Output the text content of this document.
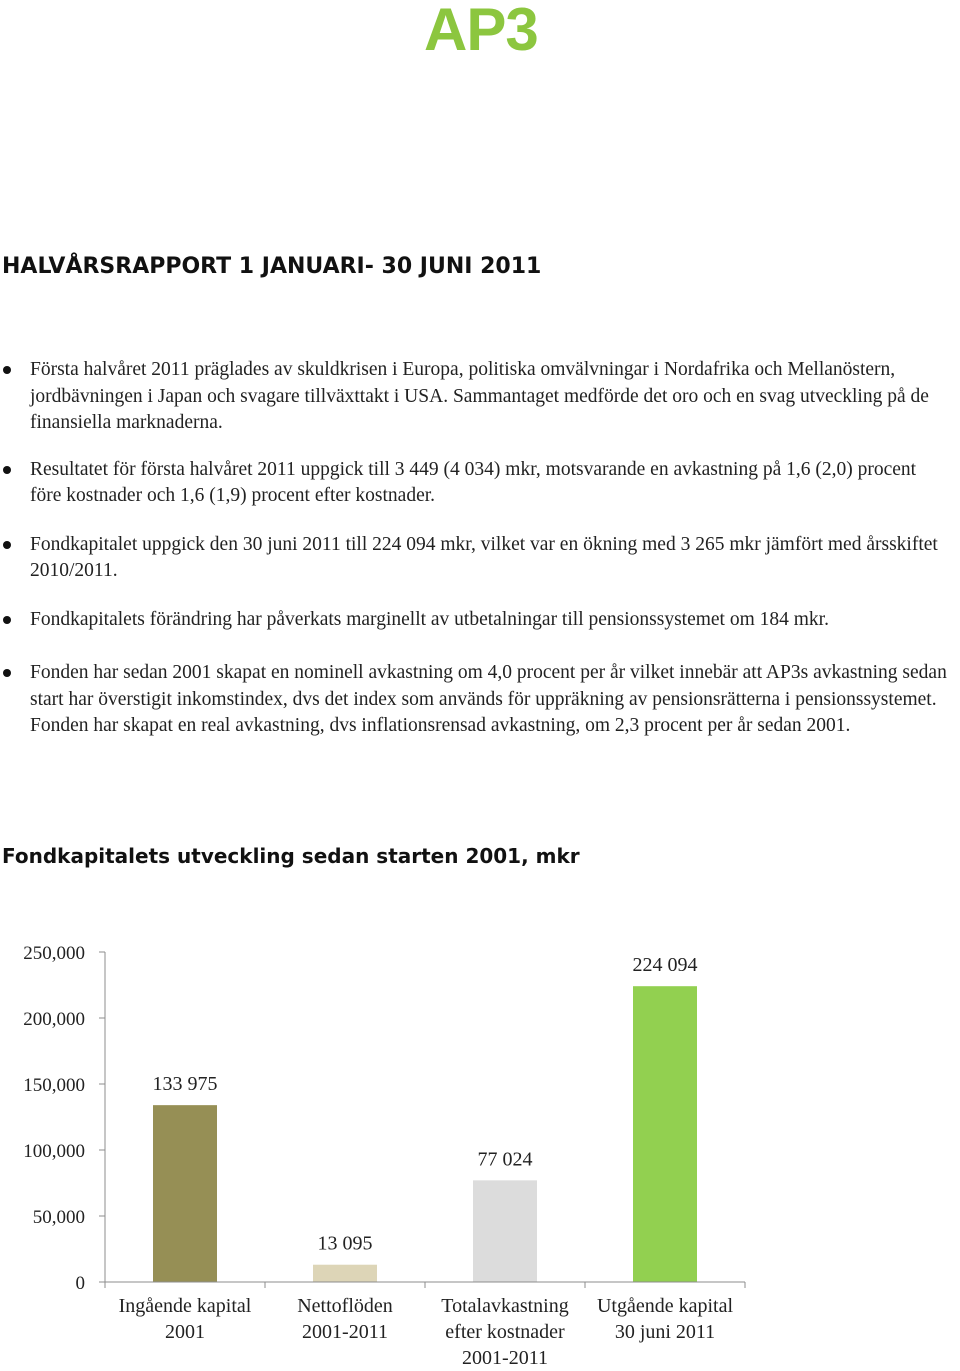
AP3
HALVÅRSRAPPORT 1 JANUARI- 30 JUNI 2011
Första halvåret 2011 präglades av skuldkrisen i Europa, politiska omvälvningar i Nordafrika och Mellanöstern, jordbävningen i Japan och svagare tillväxttakt i USA. Sammantaget medförde det oro och en svag utveckling på de finansiella marknaderna.
Resultatet för första halvåret 2011 uppgick till 3 449 (4 034) mkr, motsvarande en avkastning på 1,6 (2,0) procent före kostnader och 1,6 (1,9) procent efter kostnader.
Fondkapitalet uppgick den 30 juni 2011 till 224 094 mkr, vilket var en ökning med 3 265 mkr jämfört med årsskiftet 2010/2011.
Fondkapitalets förändring har påverkats marginellt av utbetalningar till pensionssystemet om 184 mkr.
Fonden har sedan 2001 skapat en nominell avkastning om 4,0 procent per år vilket innebär att AP3s avkastning sedan start har överstigit inkomstindex, dvs det index som används för uppräkning av pensionsrätterna i pensionssystemet. Fonden har skapat en real avkastning, dvs inflationsrensad avkastning, om 2,3 procent per år sedan 2001.
Fondkapitalets utveckling sedan starten 2001, mkr
0
50,000
100,000
150,000
200,000
250,000
133 975
13 095
77 024
224 094
Ingående kapital 2001
Nettoflöden 2001-2011
Totalavkastning efter kostnader 2001-2011
Utgående kapital 30 juni 2011
